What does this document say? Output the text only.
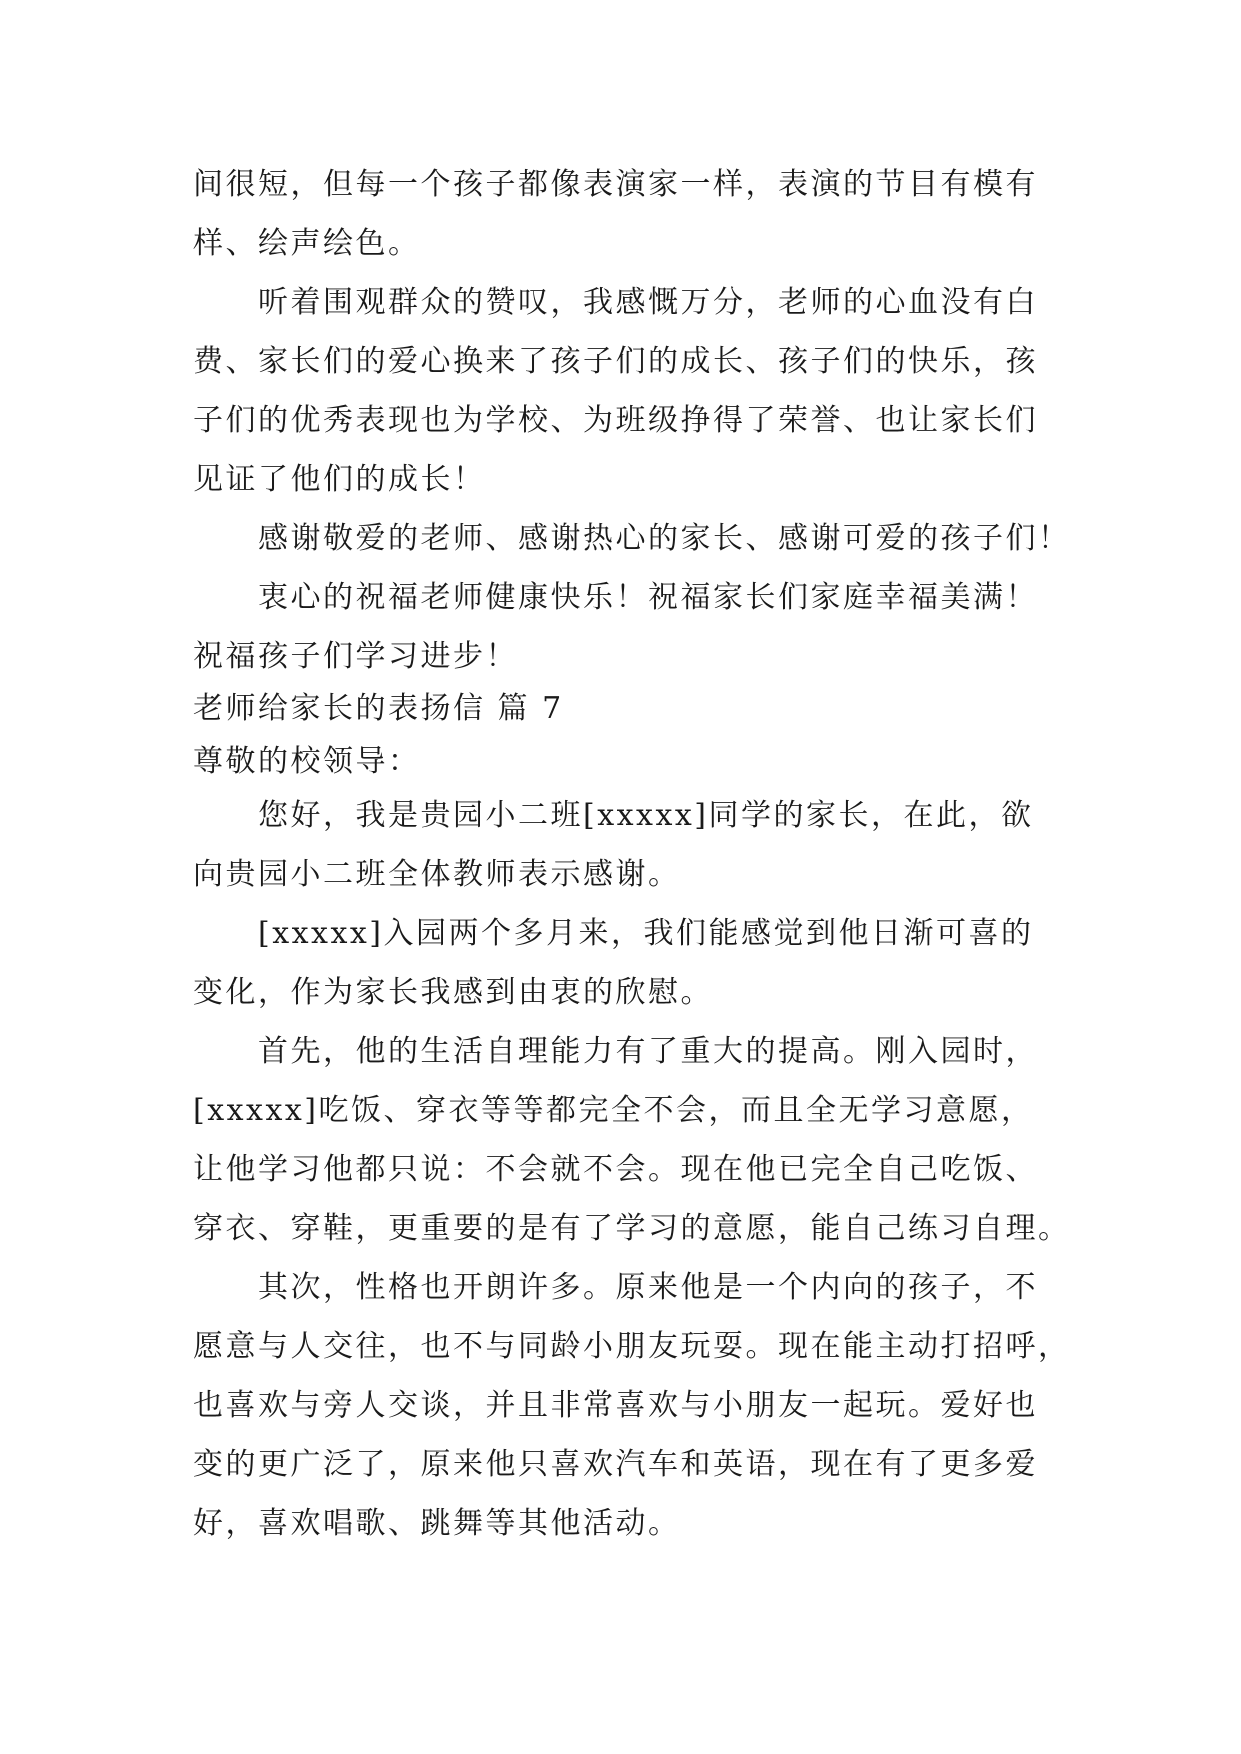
间很短，但每一个孩子都像表演家一样，表演的节目有模有
样、绘声绘色。
听着围观群众的赞叹，我感慨万分，老师的心血没有白
费、家长们的爱心换来了孩子们的成长、孩子们的快乐，孩
子们的优秀表现也为学校、为班级挣得了荣誉、也让家长们
见证了他们的成长！
感谢敬爱的老师、感谢热心的家长、感谢可爱的孩子们！
衷心的祝福老师健康快乐！祝福家长们家庭幸福美满！
祝福孩子们学习进步！
老师给家长的表扬信 篇 7
尊敬的校领导：
您好，我是贵园小二班[xxxxx]同学的家长，在此，欲
向贵园小二班全体教师表示感谢。
[xxxxx]入园两个多月来，我们能感觉到他日渐可喜的
变化，作为家长我感到由衷的欣慰。
首先，他的生活自理能力有了重大的提高。刚入园时，
[xxxxx]吃饭、穿衣等等都完全不会，而且全无学习意愿，
让他学习他都只说：不会就不会。现在他已完全自己吃饭、
穿衣、穿鞋，更重要的是有了学习的意愿，能自己练习自理。
其次，性格也开朗许多。原来他是一个内向的孩子，不
愿意与人交往，也不与同龄小朋友玩耍。现在能主动打招呼，
也喜欢与旁人交谈，并且非常喜欢与小朋友一起玩。爱好也
变的更广泛了，原来他只喜欢汽车和英语，现在有了更多爱
好，喜欢唱歌、跳舞等其他活动。
